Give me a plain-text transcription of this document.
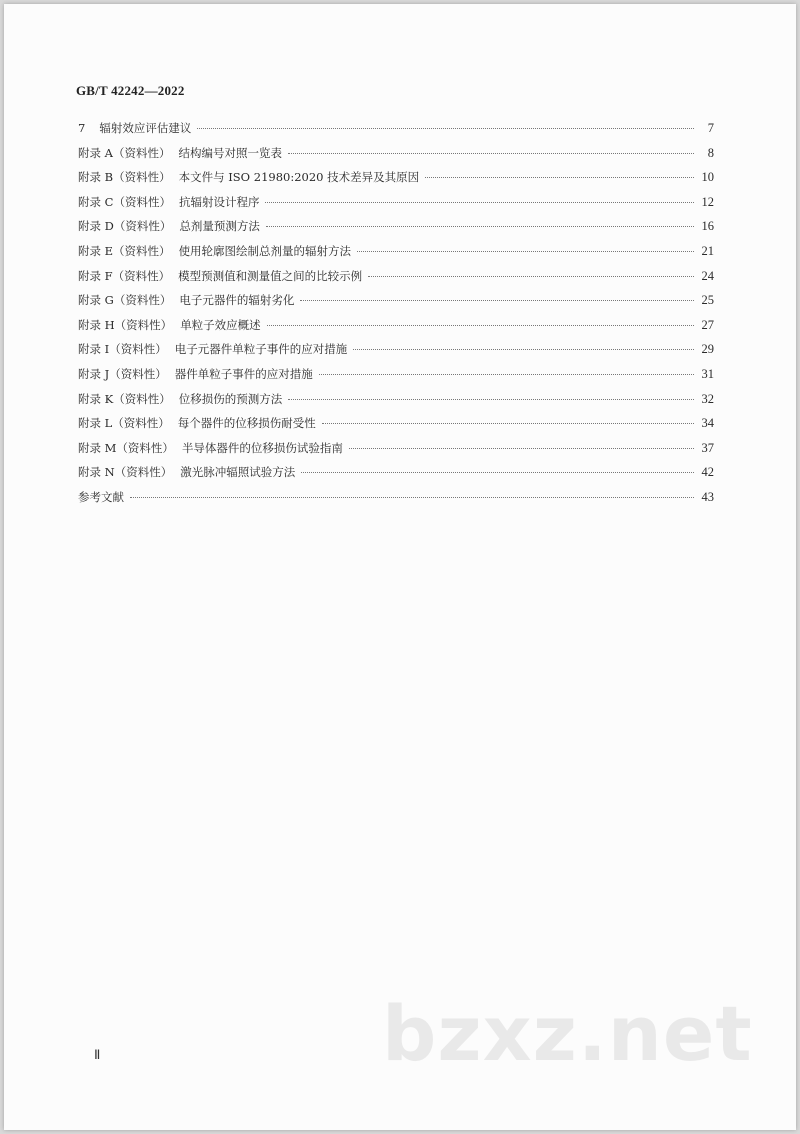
GB/T 42242—2022
7	辐射效应评估建议	7
附录 A（资料性） 结构编号对照一览表	8
附录 B（资料性） 本文件与 ISO 21980:2020 技术差异及其原因	10
附录 C（资料性） 抗辐射设计程序	12
附录 D（资料性） 总剂量预测方法	16
附录 E（资料性） 使用轮廓图绘制总剂量的辐射方法	21
附录 F（资料性） 模型预测值和测量值之间的比较示例	24
附录 G（资料性） 电子元器件的辐射劣化	25
附录 H（资料性） 单粒子效应概述	27
附录 I（资料性） 电子元器件单粒子事件的应对措施	29
附录 J（资料性） 器件单粒子事件的应对措施	31
附录 K（资料性） 位移损伤的预测方法	32
附录 L（资料性） 每个器件的位移损伤耐受性	34
附录 M（资料性） 半导体器件的位移损伤试验指南	37
附录 N（资料性） 激光脉冲辐照试验方法	42
参考文献	43
Ⅱ	bzxz.net
